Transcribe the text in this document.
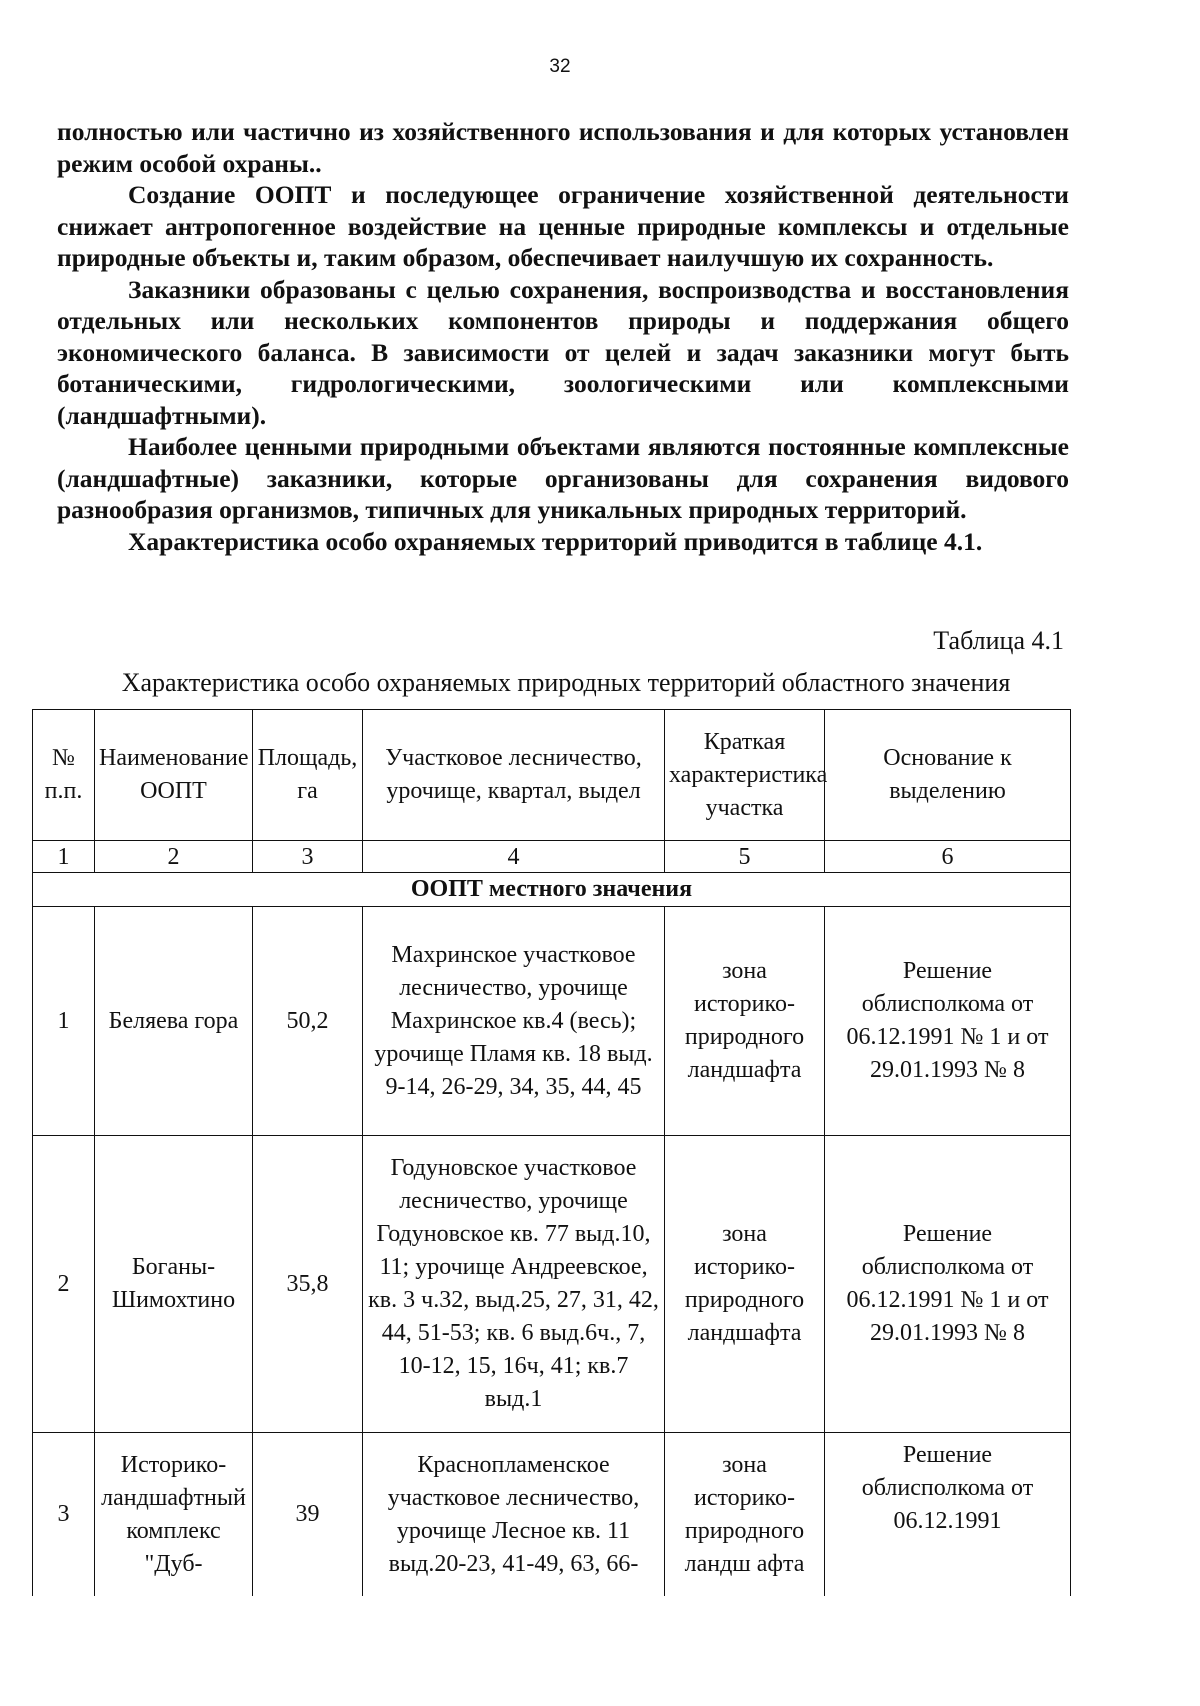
32

полностью или частично из хозяйственного использования и для которых установлен режим особой охраны..

Создание ООПТ и последующее ограничение хозяйственной деятельности снижает антропогенное воздействие на ценные природные комплексы и отдельные природные объекты и, таким образом, обеспечивает наилучшую их сохранность.

Заказники образованы с целью сохранения, воспроизводства и восстановления отдельных или нескольких компонентов природы и поддержания общего экономического баланса. В зависимости от целей и задач заказники могут быть ботаническими, гидрологическими, зоологическими или комплексными (ландшафтными).

Наиболее ценными природными объектами являются постоянные комплексные (ландшафтные) заказники, которые организованы для сохранения видового разнообразия организмов, типичных для уникальных природных территорий.

Характеристика особо охраняемых территорий приводится в таблице 4.1.

Таблица 4.1
Характеристика особо охраняемых природных территорий областного значения
№ п.п.	Наименование ООПТ	Площадь, га	Участковое лесничество, урочище, квартал, выдел	Краткая характеристика участка	Основание к выделению
1	2	3	4	5	6
ООПТ местного значения					
1	Беляева гора	50,2	Махринское участковое лесничество, урочище Махринское кв.4 (весь); урочище Пламя кв. 18 выд. 9-14, 26-29, 34, 35, 44, 45	зона историко-природного ландшафта	Решение облисполкома от 06.12.1991 № 1 и от 29.01.1993 № 8
2	Боганы-Шимохтино	35,8	Годуновское участковое лесничество, урочище Годуновское кв. 77 выд.10, 11; урочище Андреевское, кв. 3 ч.32, выд.25, 27, 31, 42, 44, 51-53; кв. 6 выд.6ч., 7, 10-12, 15, 16ч, 41; кв.7 выд.1	зона историко-природного ландшафта	Решение облисполкома от 06.12.1991 № 1 и от 29.01.1993 № 8
3	Историко-ландшафтный комплекс "Дуб-	39	Краснопламенское участковое лесничество, урочище Лесное кв. 11 выд.20-23, 41-49, 63, 66-	зона историко-природного ландш афта	Решение облисполкома от 06.12.1991
